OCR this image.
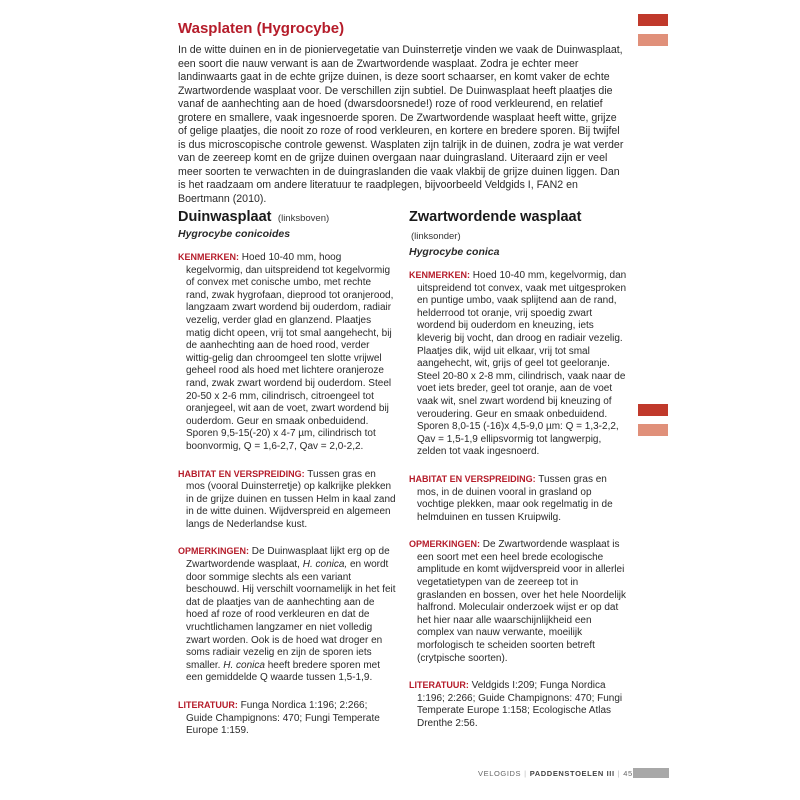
Wasplaten (Hygrocybe)

In de witte duinen en in de pioniervegetatie van Duinsterretje vinden we vaak de Duinwasplaat, een soort die nauw verwant is aan de Zwartwordende wasplaat. Zodra je echter meer landinwaarts gaat in de echte grijze duinen, is deze soort schaarser, en komt vaker de echte Zwartwordende wasplaat voor. De verschillen zijn subtiel. De Duinwasplaat heeft plaatjes die vanaf de aanhechting aan de hoed (dwarsdoorsnede!) roze of rood verkleurend, en relatief grotere en smallere, vaak ingesnoerde sporen. De Zwartwordende wasplaat heeft witte, grijze of gelige plaatjes, die nooit zo roze of rood verkleuren, en kortere en bredere sporen. Bij twijfel is dus microscopische controle gewenst. Wasplaten zijn talrijk in de duinen, zodra je wat verder van de zeereep komt en de grijze duinen overgaan naar duingrasland. Uiteraard zijn er veel meer soorten te verwachten in de duingraslanden die vaak vlakbij de grijze duinen liggen. Dan is het raadzaam om andere literatuur te raadplegen, bijvoorbeeld Veldgids I, FAN2 en Boertmann (2010).

Duinwasplaat (linksboven)

Hygrocybe conicoides

KENMERKEN: Hoed 10-40 mm, hoog kegelvormig, dan uitspreidend tot kegelvormig of convex met conische umbo, met rechte rand, zwak hygrofaan, dieprood tot oranjerood, langzaam zwart wordend bij ouderdom, radiair vezelig, verder glad en glanzend. Plaatjes matig dicht opeen, vrij tot smal aangehecht, bij de aanhechting aan de hoed rood, verder wittig-gelig dan chroomgeel ten slotte vrijwel geheel rood als hoed met lichtere oranjeroze rand, zwak zwart wordend bij ouderdom. Steel 20-50 x 2-6 mm, cilindrisch, citroengeel tot oranjegeel, wit aan de voet, zwart wordend bij ouderdom. Geur en smaak onbeduidend. Sporen 9,5-15(-20) x 4-7 µm, cilindrisch tot boonvormig, Q = 1,6-2,7, Qav = 2,0-2,2.

HABITAT EN VERSPREIDING: Tussen gras en mos (vooral Duinsterretje) op kalkrijke plekken in de grijze duinen en tussen Helm in kaal zand in de witte duinen. Wijdverspreid en algemeen langs de Nederlandse kust.

OPMERKINGEN: De Duinwasplaat lijkt erg op de Zwartwordende wasplaat, H. conica, en wordt door sommige slechts als een variant beschouwd. Hij verschilt voornamelijk in het feit dat de plaatjes van de aanhechting aan de hoed af roze of rood verkleuren en dat de vruchtlichamen langzamer en niet volledig zwart worden. Ook is de hoed wat droger en soms radiair vezelig en zijn de sporen iets smaller. H. conica heeft bredere sporen met een gemiddelde Q waarde tussen 1,5-1,9.

LITERATUUR: Funga Nordica 1:196; 2:266; Guide Champignons: 470; Fungi Temperate Europe 1:159.

Zwartwordende wasplaat (linksonder)

Hygrocybe conica

KENMERKEN: Hoed 10-40 mm, kegelvormig, dan uitspreidend tot convex, vaak met uitgesproken en puntige umbo, vaak splijtend aan de rand, helderrood tot oranje, vrij spoedig zwart wordend bij ouderdom en kneuzing, iets kleverig bij vocht, dan droog en radiair vezelig. Plaatjes dik, wijd uit elkaar, vrij tot smal aangehecht, wit, grijs of geel tot geeloranje. Steel 20-80 x 2-8 mm, cilindrisch, vaak naar de voet iets breder, geel tot oranje, aan de voet vaak wit, snel zwart wordend bij kneuzing of veroudering. Geur en smaak onbeduidend. Sporen 8,0-15 (-16)x 4,5-9,0 µm: Q = 1,3-2,2, Qav = 1,5-1,9 ellipsvormig tot langwerpig, zelden tot vaak ingesnoerd.

HABITAT EN VERSPREIDING: Tussen gras en mos, in de duinen vooral in grasland op vochtige plekken, maar ook regelmatig in de helmduinen en tussen Kruipwilg.

OPMERKINGEN: De Zwartwordende wasplaat is een soort met een heel brede ecologische amplitude en komt wijdverspreid voor in allerlei vegetatietypen van de zeereep tot in graslanden en bossen, over het hele Noordelijk halfrond. Moleculair onderzoek wijst er op dat het hier naar alle waarschijnlijkheid een complex van nauw verwante, moeilijk morfologisch te scheiden soorten betreft (crytpische soorten).

LITERATUUR: Veldgids I:209; Funga Nordica 1:196; 2:266; Guide Champignons: 470; Fungi Temperate Europe 1:158; Ecologische Atlas Drenthe 2:56.

VELOGIDS | PADDENSTOELEN III | 45
